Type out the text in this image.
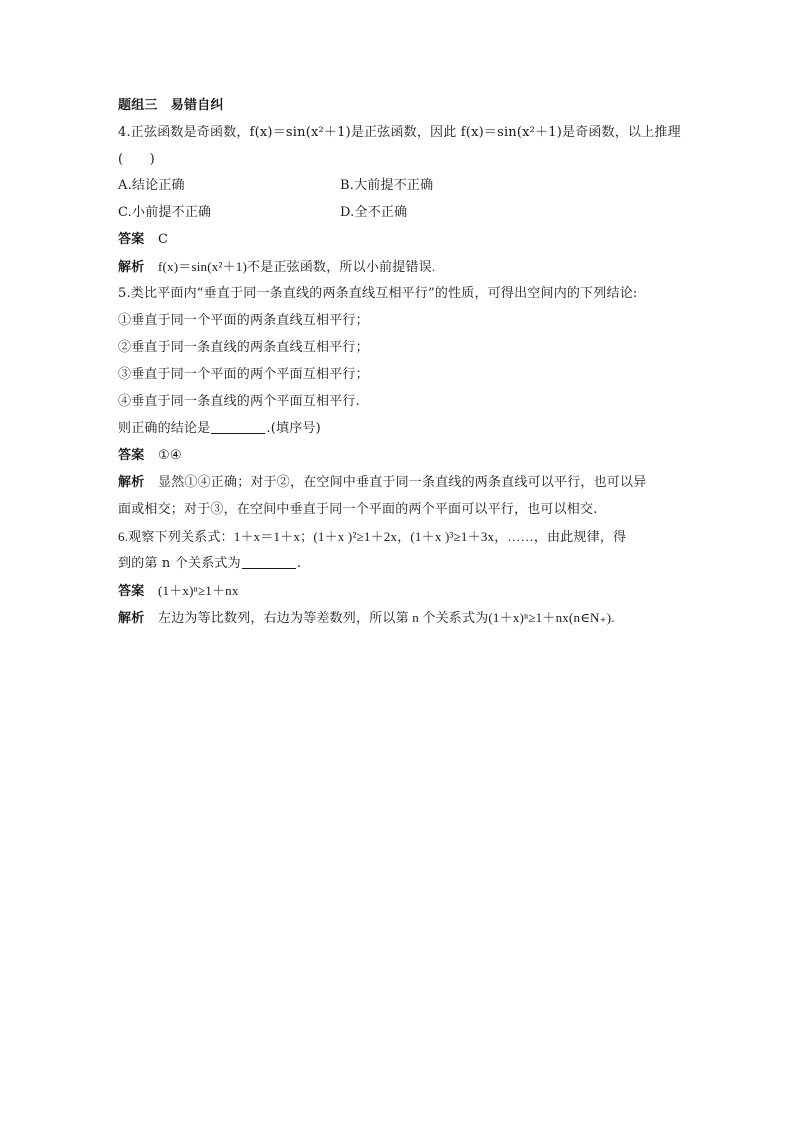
题组三　易错自纠
4.正弦函数是奇函数，f(x)＝sin(x²＋1)是正弦函数，因此 f(x)＝sin(x²＋1)是奇函数，以上推理
(　　)
A.结论正确	B.大前提不正确
C.小前提不正确	D.全不正确
答案 C
解析 f(x)＝sin(x²＋1)不是正弦函数，所以小前提错误.
5.类比平面内“垂直于同一条直线的两条直线互相平行”的性质，可得出空间内的下列结论:
①垂直于同一个平面的两条直线互相平行；
②垂直于同一条直线的两条直线互相平行；
③垂直于同一个平面的两个平面互相平行；
④垂直于同一条直线的两个平面互相平行.
则正确的结论是	.(填序号)
答案 ①④
解析 显然①④正确；对于②，在空间中垂直于同一条直线的两条直线可以平行，也可以异
面或相交；对于③，在空间中垂直于同一个平面的两个平面可以平行，也可以相交.
6.观察下列关系式：1＋x＝1＋x；(1＋x )²≥1＋2x，(1＋x )³≥1＋3x，……，由此规律，得
到的第 n 个关系式为	.
答案 (1＋x)ⁿ≥1＋nx
解析 左边为等比数列，右边为等差数列，所以第 n 个关系式为(1＋x)ⁿ≥1＋nx(n∈N₊).
